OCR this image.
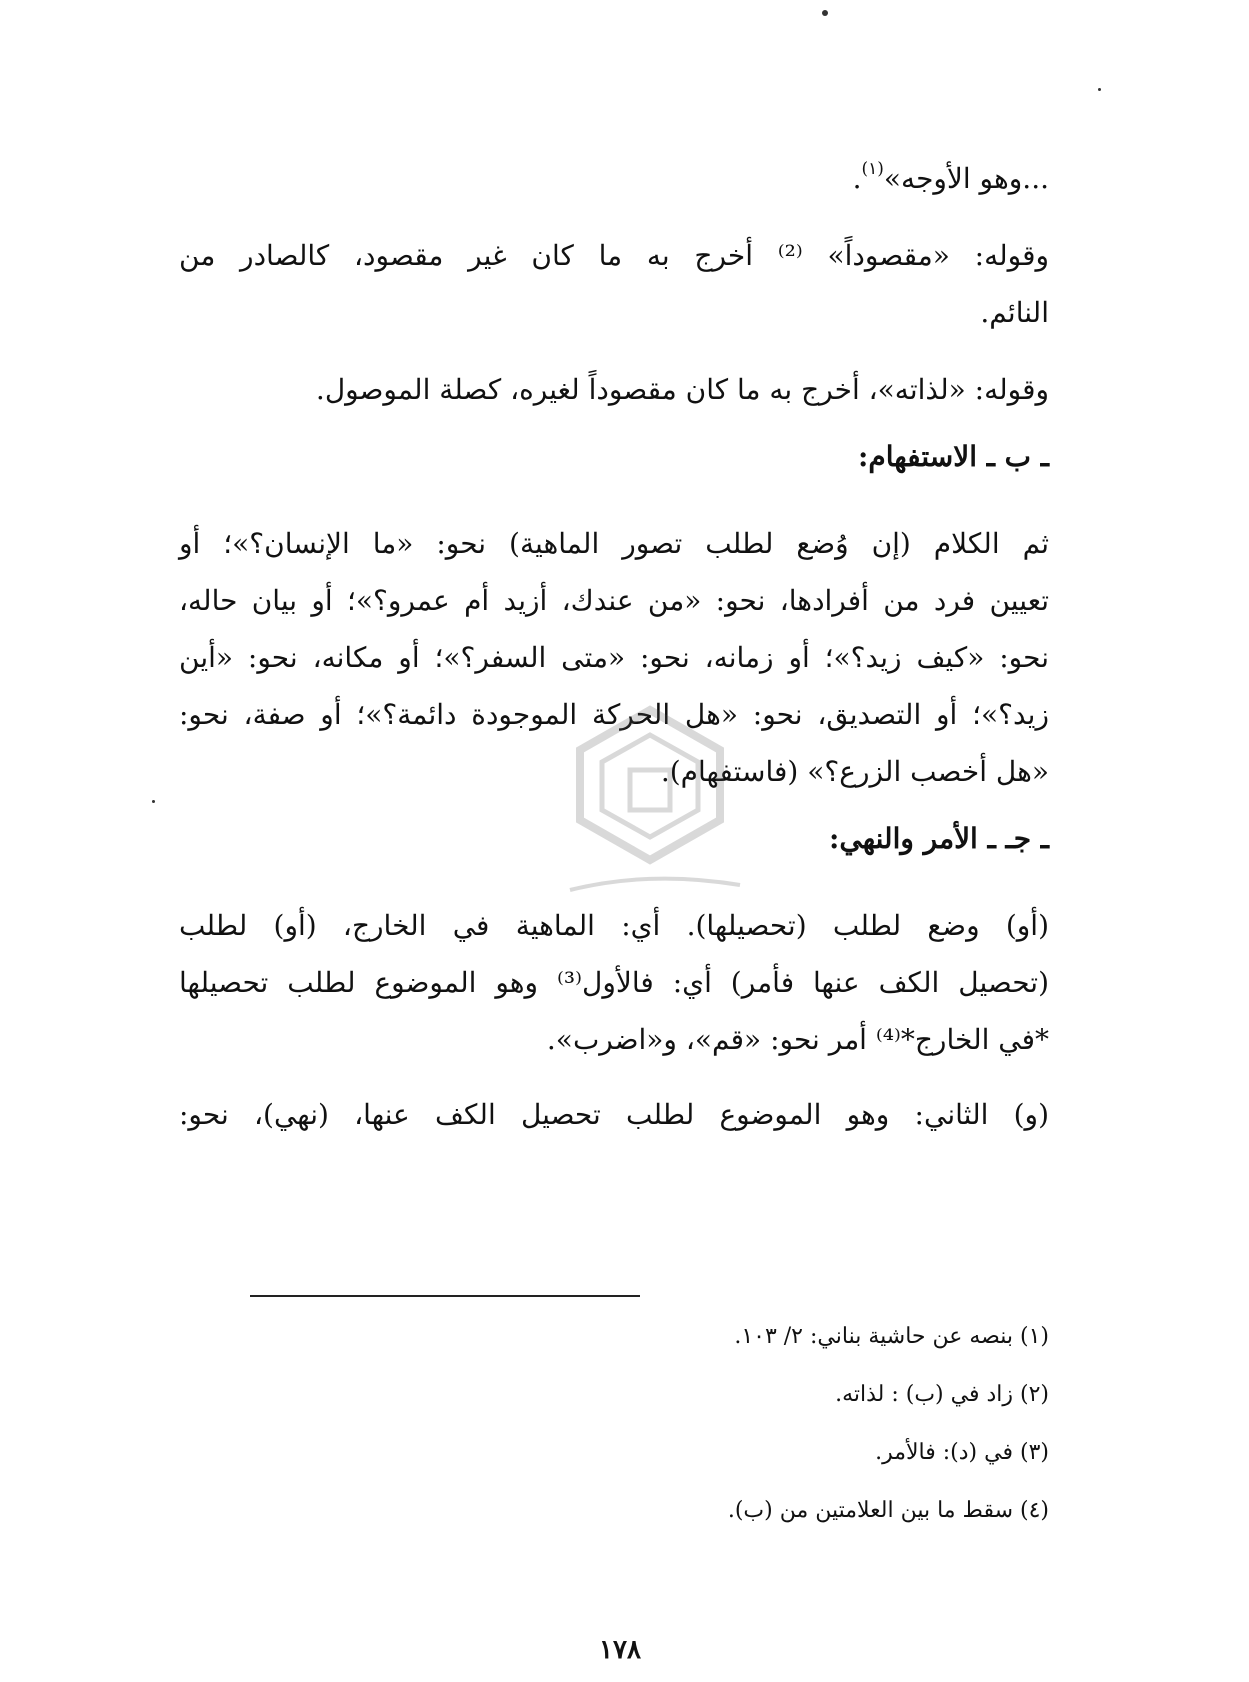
...وهو الأوجه»$^{(١)}$.
وقوله: «مقصوداً» ⁽²⁾ أخرج به ما كان غير مقصود، كالصادر من
النائم.
وقوله: «لذاته»، أخرج به ما كان مقصوداً لغيره، كصلة الموصول.
ـ ب ـ الاستفهام:
ثم الكلام (إن وُضع لطلب تصور الماهية) نحو: «ما الإنسان؟»؛ أو
تعيين فرد من أفرادها، نحو: «من عندك، أزيد أم عمرو؟»؛ أو بيان حاله،
نحو: «كيف زيد؟»؛ أو زمانه، نحو: «متى السفر؟»؛ أو مكانه، نحو: «أين
زيد؟»؛ أو التصديق، نحو: «هل الحركة الموجودة دائمة؟»؛ أو صفة، نحو:
«هل أخصب الزرع؟» (فاستفهام).
ـ جـ ـ الأمر والنهي:
(أو) وضع لطلب (تحصيلها). أي: الماهية في الخارج، (أو) لطلب
(تحصيل الكف عنها فأمر) أي: فالأول⁽³⁾ وهو الموضوع لطلب تحصيلها
*في الخارج*⁽⁴⁾ أمر نحو: «قم»، و«اضرب».
(و) الثاني: وهو الموضوع لطلب تحصيل الكف عنها، (نهي)، نحو:
(١) بنصه عن حاشية بناني: ٢/ ١٠٣.
(٢) زاد في (ب) : لذاته.
(٣) في (د): فالأمر.
(٤) سقط ما بين العلامتين من (ب).
١٧٨
